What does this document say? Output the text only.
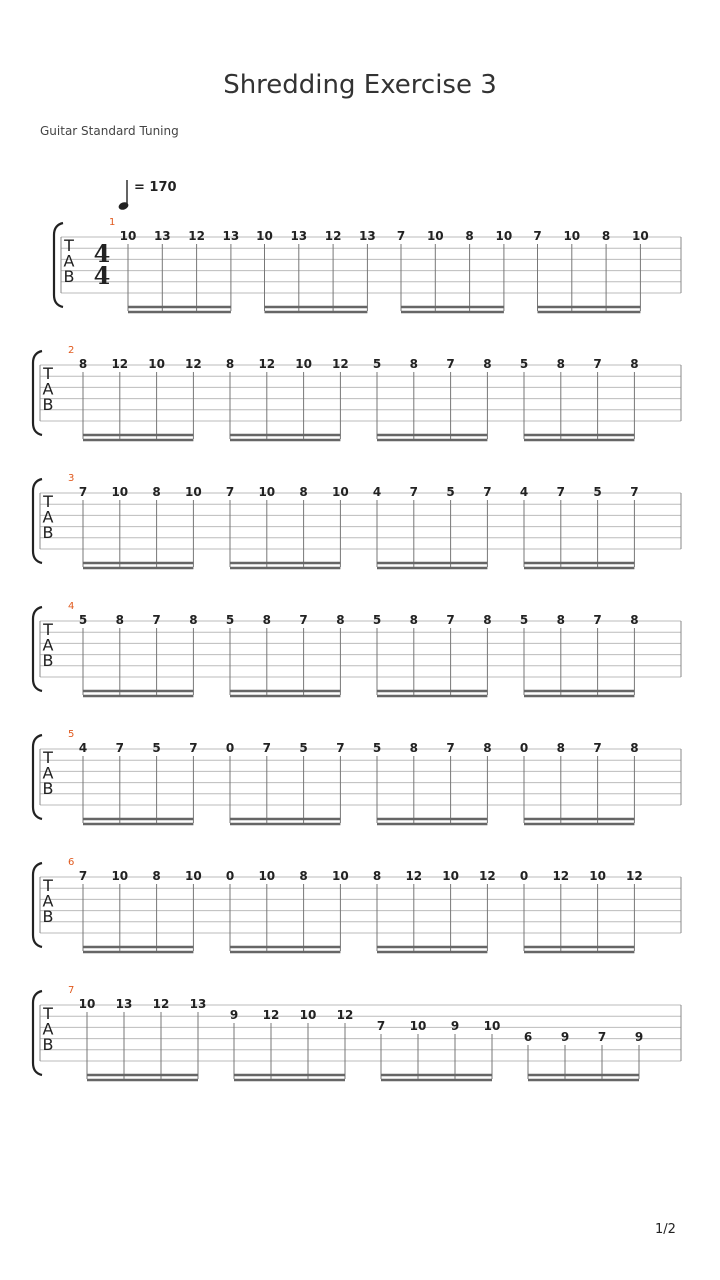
Shredding Exercise 3
Guitar Standard Tuning
= 170
T
A
B
4
4
1
10 13 12 13 10 13 12 13 7 10 8 10 7 10 8 10
T
A
B
2
8 12 10 12 8 12 10 12 5 8 7 8 5 8 7 8
T
A
B
3
7 10 8 10 7 10 8 10 4 7 5 7 4 7 5 7
T
A
B
4
5 8 7 8 5 8 7 8 5 8 7 8 5 8 7 8
T
A
B
5
4 7 5 7 0 7 5 7 5 8 7 8 0 8 7 8
T
A
B
6
7 10 8 10 0 10 8 10 8 12 10 12 0 12 10 12
T
A
B
7
10 13 12 13
9 12 10 12
7 10 9 10
6 9 7 9
1/2
